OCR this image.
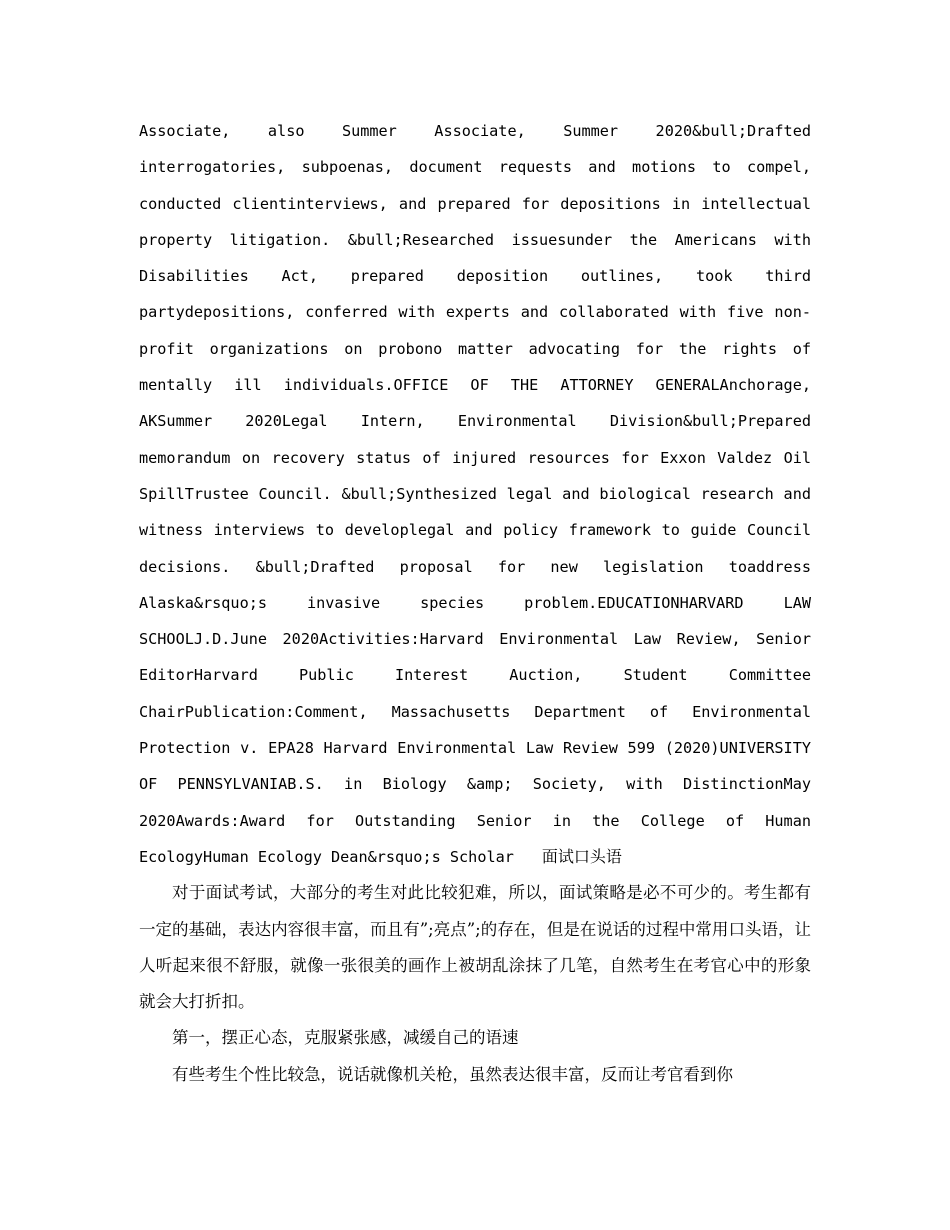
Associate, also Summer Associate, Summer 2020&bull;Drafted interrogatories, subpoenas, document requests and motions to compel, conducted clientinterviews, and prepared for depositions in intellectual property litigation. &bull;Researched issuesunder the Americans with Disabilities Act, prepared deposition outlines, took third partydepositions, conferred with experts and collaborated with five non-profit organizations on probono matter advocating for the rights of mentally ill individuals.OFFICE OF THE ATTORNEY GENERALAnchorage, AKSummer 2020Legal Intern, Environmental Division&bull;Prepared memorandum on recovery status of injured resources for Exxon Valdez Oil SpillTrustee Council. &bull;Synthesized legal and biological research and witness interviews to developlegal and policy framework to guide Council decisions. &bull;Drafted proposal for new legislation toaddress Alaska&rsquo;s invasive species problem.EDUCATIONHARVARD LAW SCHOOLJ.D.June 2020Activities:Harvard Environmental Law Review, Senior EditorHarvard Public Interest Auction, Student Committee ChairPublication:Comment, Massachusetts Department of Environmental Protection v. EPA28 Harvard Environmental Law Review 599 (2020)UNIVERSITY OF PENNSYLVANIAB.S. in Biology &amp; Society, with DistinctionMay 2020Awards:Award for Outstanding Senior in the College of Human EcologyHuman Ecology Dean&rsquo;s Scholar 面试口头语

对于面试考试，大部分的考生对此比较犯难，所以，面试策略是必不可少的。考生都有一定的基础，表达内容很丰富，而且有”;亮点”;的存在，但是在说话的过程中常用口头语，让人听起来很不舒服，就像一张很美的画作上被胡乱涂抹了几笔，自然考生在考官心中的形象就会大打折扣。

第一，摆正心态，克服紧张感，减缓自己的语速

有些考生个性比较急，说话就像机关枪，虽然表达很丰富，反而让考官看到你
